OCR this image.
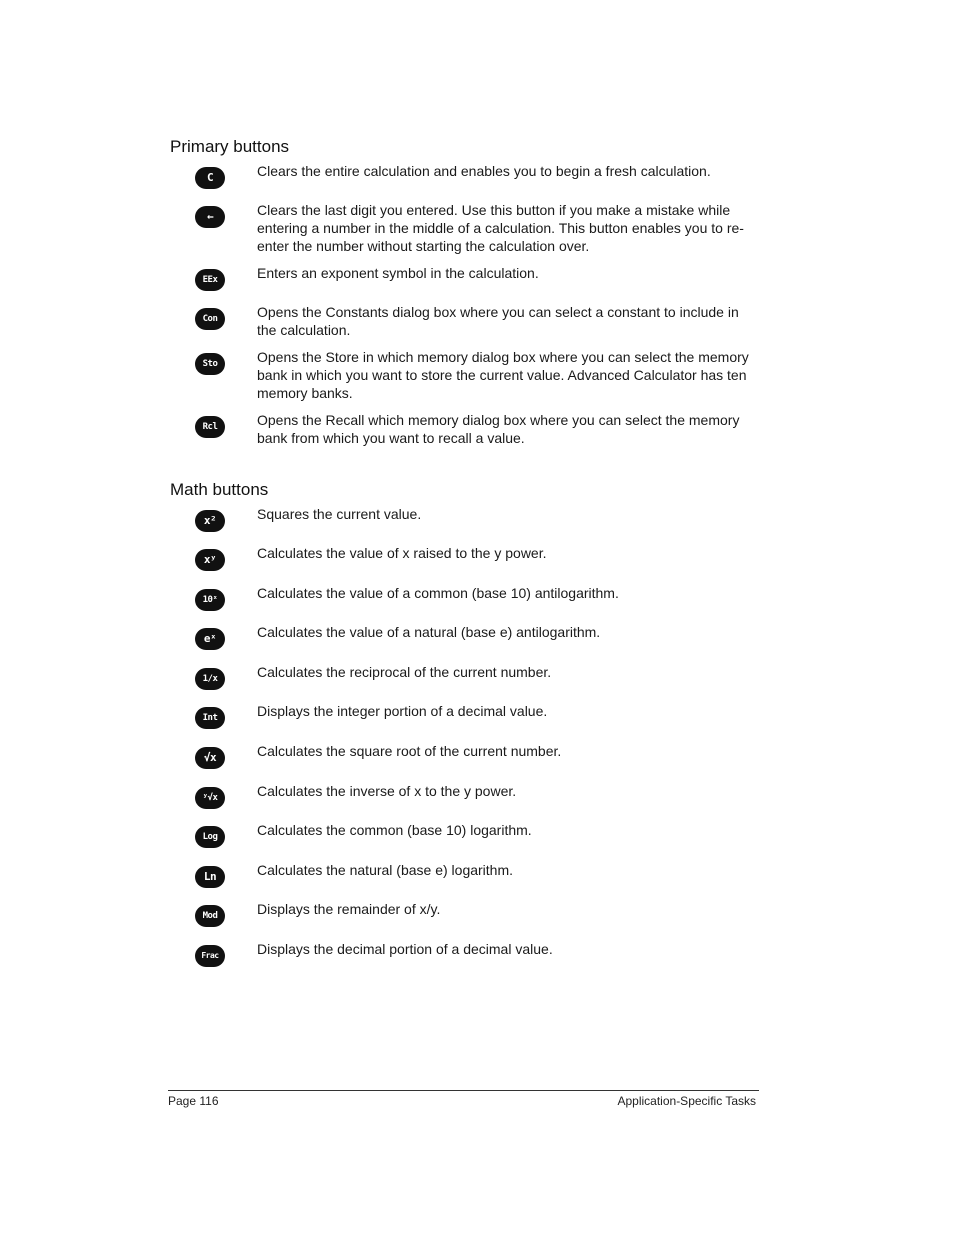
Primary buttons
C	Clears the entire calculation and enables you to begin a fresh calculation.

←	Clears the last digit you entered. Use this button if you make a mistake while entering a number in the middle of a calculation. This button enables you to re-enter the number without starting the calculation over.

EEx	Enters an exponent symbol in the calculation.

Con	Opens the Constants dialog box where you can select a constant to include in the calculation.

Sto	Opens the Store in which memory dialog box where you can select the memory bank in which you want to store the current value. Advanced Calculator has ten memory banks.

Rcl	Opens the Recall which memory dialog box where you can select the memory bank from which you want to recall a value.

Math buttons
x²	Squares the current value.

xʸ	Calculates the value of x raised to the y power.

10ˣ	Calculates the value of a common (base 10) antilogarithm.

eˣ	Calculates the value of a natural (base e) antilogarithm.

1/x	Calculates the reciprocal of the current number.

Int	Displays the integer portion of a decimal value.

√x	Calculates the square root of the current number.

ʸ√x	Calculates the inverse of x to the y power.

Log	Calculates the common (base 10) logarithm.

Ln	Calculates the natural (base e) logarithm.

Mod	Displays the remainder of x/y.

Frac	Displays the decimal portion of a decimal value.

Page 116	Application-Specific Tasks
